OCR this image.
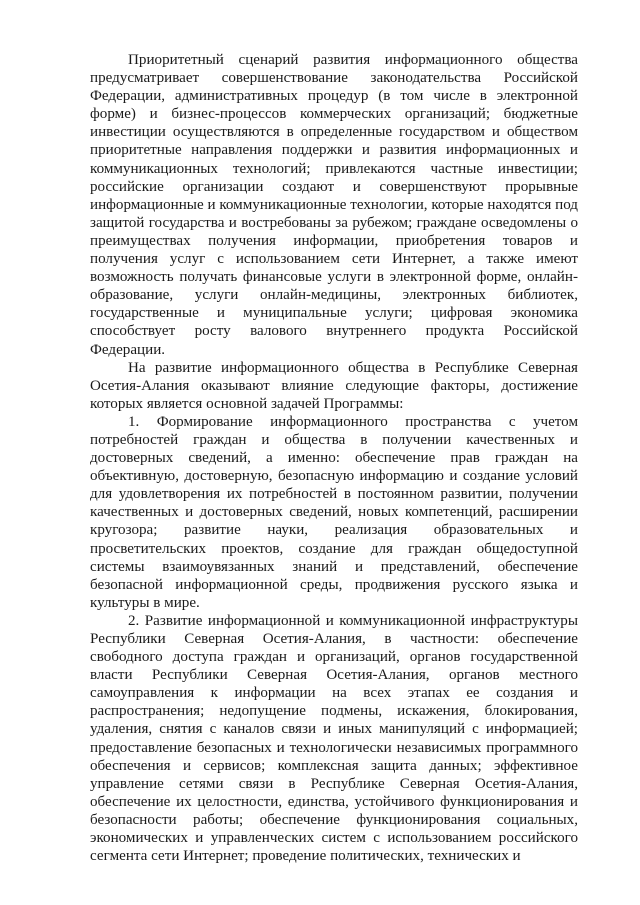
Приоритетный сценарий развития информационного общества предусматривает совершенствование законодательства Российской Федерации, административных процедур (в том числе в электронной форме) и бизнес-процессов коммерческих организаций; бюджетные инвестиции осуществляются в определенные государством и обществом приоритетные направления поддержки и развития информационных и коммуникационных технологий; привлекаются частные инвестиции; российские организации создают и совершенствуют прорывные информационные и коммуникационные технологии, которые находятся под защитой государства и востребованы за рубежом; граждане осведомлены о преимуществах получения информации, приобретения товаров и получения услуг с использованием сети Интернет, а также имеют возможность получать финансовые услуги в электронной форме, онлайн-образование, услуги онлайн-медицины, электронных библиотек, государственные и муниципальные услуги; цифровая экономика способствует росту валового внутреннего продукта Российской Федерации.

На развитие информационного общества в Республике Северная Осетия-Алания оказывают влияние следующие факторы, достижение которых является основной задачей Программы:

1. Формирование информационного пространства с учетом потребностей граждан и общества в получении качественных и достоверных сведений, а именно: обеспечение прав граждан на объективную, достоверную, безопасную информацию и создание условий для удовлетворения их потребностей в постоянном развитии, получении качественных и достоверных сведений, новых компетенций, расширении кругозора; развитие науки, реализация образовательных и просветительских проектов, создание для граждан общедоступной системы взаимоувязанных знаний и представлений, обеспечение безопасной информационной среды, продвижения русского языка и культуры в мире.

2. Развитие информационной и коммуникационной инфраструктуры Республики Северная Осетия-Алания, в частности: обеспечение свободного доступа граждан и организаций, органов государственной власти Республики Северная Осетия-Алания, органов местного самоуправления к информации на всех этапах ее создания и распространения; недопущение подмены, искажения, блокирования, удаления, снятия с каналов связи и иных манипуляций с информацией; предоставление безопасных и технологически независимых программного обеспечения и сервисов; комплексная защита данных; эффективное управление сетями связи в Республике Северная Осетия-Алания, обеспечение их целостности, единства, устойчивого функционирования и безопасности работы; обеспечение функционирования социальных, экономических и управленческих систем с использованием российского сегмента сети Интернет; проведение политических, технических и
